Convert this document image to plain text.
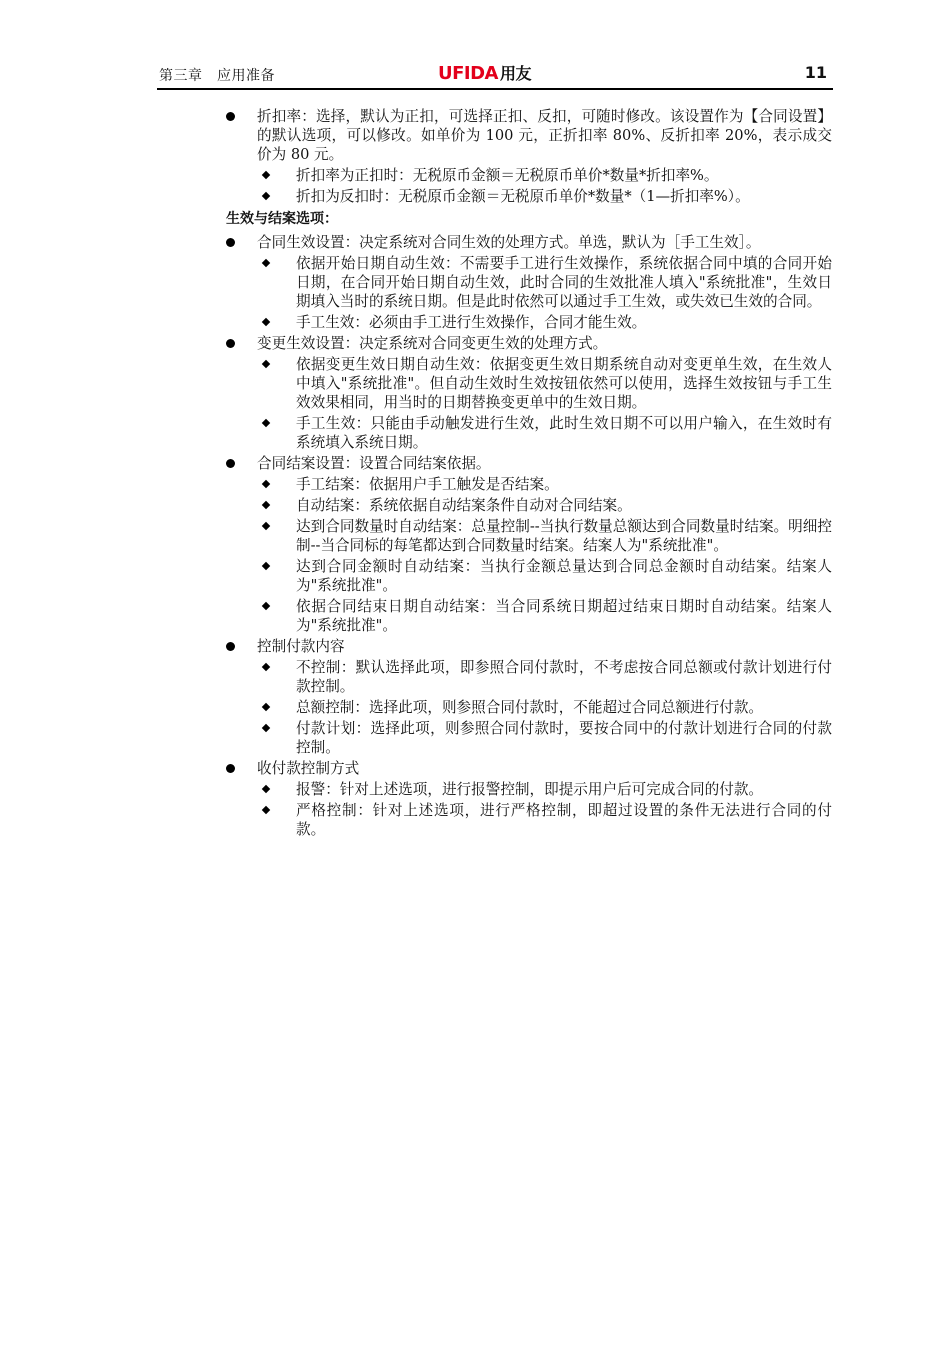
第三章　应用准备	UFIDA 用友	11
折扣率：选择，默认为正扣，可选择正扣、反扣，可随时修改。该设置作为【合同设置】的默认选项，可以修改。如单价为 100 元，正折扣率 80%、反折扣率 20%，表示成交价为 80 元。
折扣率为正扣时：无税原币金额＝无税原币单价*数量*折扣率%。
折扣为反扣时：无税原币金额＝无税原币单价*数量*（1—折扣率%）。
生效与结案选项：
合同生效设置：决定系统对合同生效的处理方式。单选，默认为［手工生效］。
依据开始日期自动生效：不需要手工进行生效操作，系统依据合同中填的合同开始日期，在合同开始日期自动生效，此时合同的生效批准人填入"系统批准"，生效日期填入当时的系统日期。但是此时依然可以通过手工生效，或失效已生效的合同。
手工生效：必须由手工进行生效操作，合同才能生效。
变更生效设置：决定系统对合同变更生效的处理方式。
依据变更生效日期自动生效：依据变更生效日期系统自动对变更单生效，在生效人中填入"系统批准"。但自动生效时生效按钮依然可以使用，选择生效按钮与手工生效效果相同，用当时的日期替换变更单中的生效日期。
手工生效：只能由手动触发进行生效，此时生效日期不可以用户输入，在生效时有系统填入系统日期。
合同结案设置：设置合同结案依据。
手工结案：依据用户手工触发是否结案。
自动结案：系统依据自动结案条件自动对合同结案。
达到合同数量时自动结案：总量控制--当执行数量总额达到合同数量时结案。明细控制--当合同标的每笔都达到合同数量时结案。结案人为"系统批准"。
达到合同金额时自动结案：当执行金额总量达到合同总金额时自动结案。结案人为"系统批准"。
依据合同结束日期自动结案：当合同系统日期超过结束日期时自动结案。结案人为"系统批准"。
控制付款内容
不控制：默认选择此项，即参照合同付款时，不考虑按合同总额或付款计划进行付款控制。
总额控制：选择此项，则参照合同付款时，不能超过合同总额进行付款。
付款计划：选择此项，则参照合同付款时，要按合同中的付款计划进行合同的付款控制。
收付款控制方式
报警：针对上述选项，进行报警控制，即提示用户后可完成合同的付款。
严格控制：针对上述选项，进行严格控制，即超过设置的条件无法进行合同的付款。
